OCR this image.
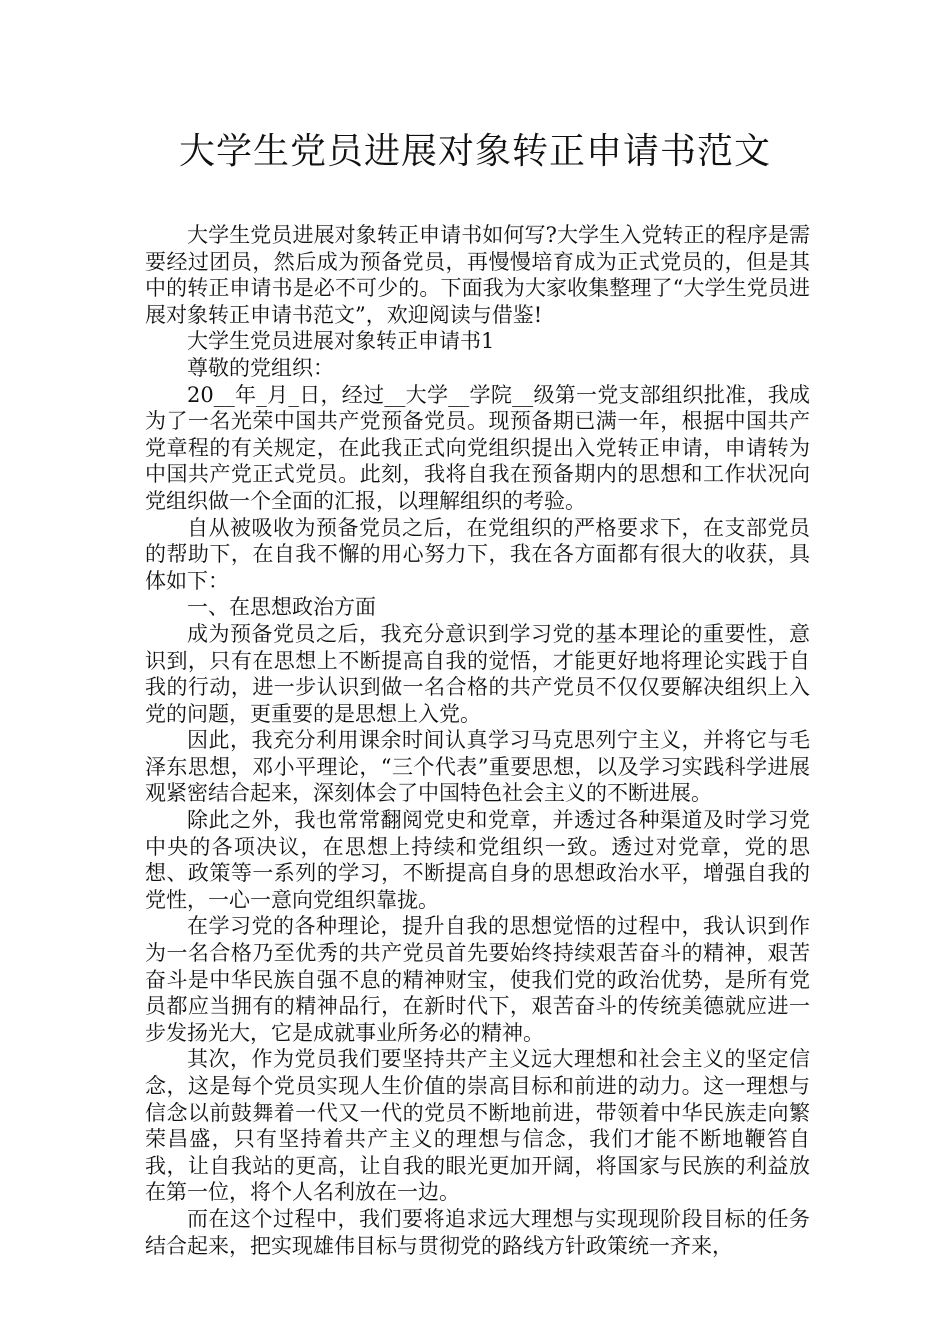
大学生党员进展对象转正申请书范文

大学生党员进展对象转正申请书如何写?大学生入党转正的程序是需要经过团员，然后成为预备党员，再慢慢培育成为正式党员的，但是其中的转正申请书是必不可少的。下面我为大家收集整理了“大学生党员进展对象转正申请书范文”，欢迎阅读与借鉴!

大学生党员进展对象转正申请书1

尊敬的党组织：

20__年_月_日，经过__大学__学院__级第一党支部组织批准，我成为了一名光荣中国共产党预备党员。现预备期已满一年，根据中国共产党章程的有关规定，在此我正式向党组织提出入党转正申请，申请转为中国共产党正式党员。此刻，我将自我在预备期内的思想和工作状况向党组织做一个全面的汇报，以理解组织的考验。

自从被吸收为预备党员之后，在党组织的严格要求下，在支部党员的帮助下，在自我不懈的用心努力下，我在各方面都有很大的收获，具体如下：

一、在思想政治方面

成为预备党员之后，我充分意识到学习党的基本理论的重要性，意识到，只有在思想上不断提高自我的觉悟，才能更好地将理论实践于自我的行动，进一步认识到做一名合格的共产党员不仅仅要解决组织上入党的问题，更重要的是思想上入党。

因此，我充分利用课余时间认真学习马克思列宁主义，并将它与毛泽东思想，邓小平理论，“三个代表”重要思想，以及学习实践科学进展观紧密结合起来，深刻体会了中国特色社会主义的不断进展。

除此之外，我也常常翻阅党史和党章，并透过各种渠道及时学习党中央的各项决议，在思想上持续和党组织一致。透过对党章，党的思想、政策等一系列的学习，不断提高自身的思想政治水平，增强自我的党性，一心一意向党组织靠拢。

在学习党的各种理论，提升自我的思想觉悟的过程中，我认识到作为一名合格乃至优秀的共产党员首先要始终持续艰苦奋斗的精神，艰苦奋斗是中华民族自强不息的精神财宝，使我们党的政治优势，是所有党员都应当拥有的精神品行，在新时代下，艰苦奋斗的传统美德就应进一步发扬光大，它是成就事业所务必的精神。

其次，作为党员我们要坚持共产主义远大理想和社会主义的坚定信念，这是每个党员实现人生价值的崇高目标和前进的动力。这一理想与信念以前鼓舞着一代又一代的党员不断地前进，带领着中华民族走向繁荣昌盛，只有坚持着共产主义的理想与信念，我们才能不断地鞭笞自我，让自我站的更高，让自我的眼光更加开阔，将国家与民族的利益放在第一位，将个人名利放在一边。

而在这个过程中，我们要将追求远大理想与实现现阶段目标的任务结合起来，把实现雄伟目标与贯彻党的路线方针政策统一齐来，
